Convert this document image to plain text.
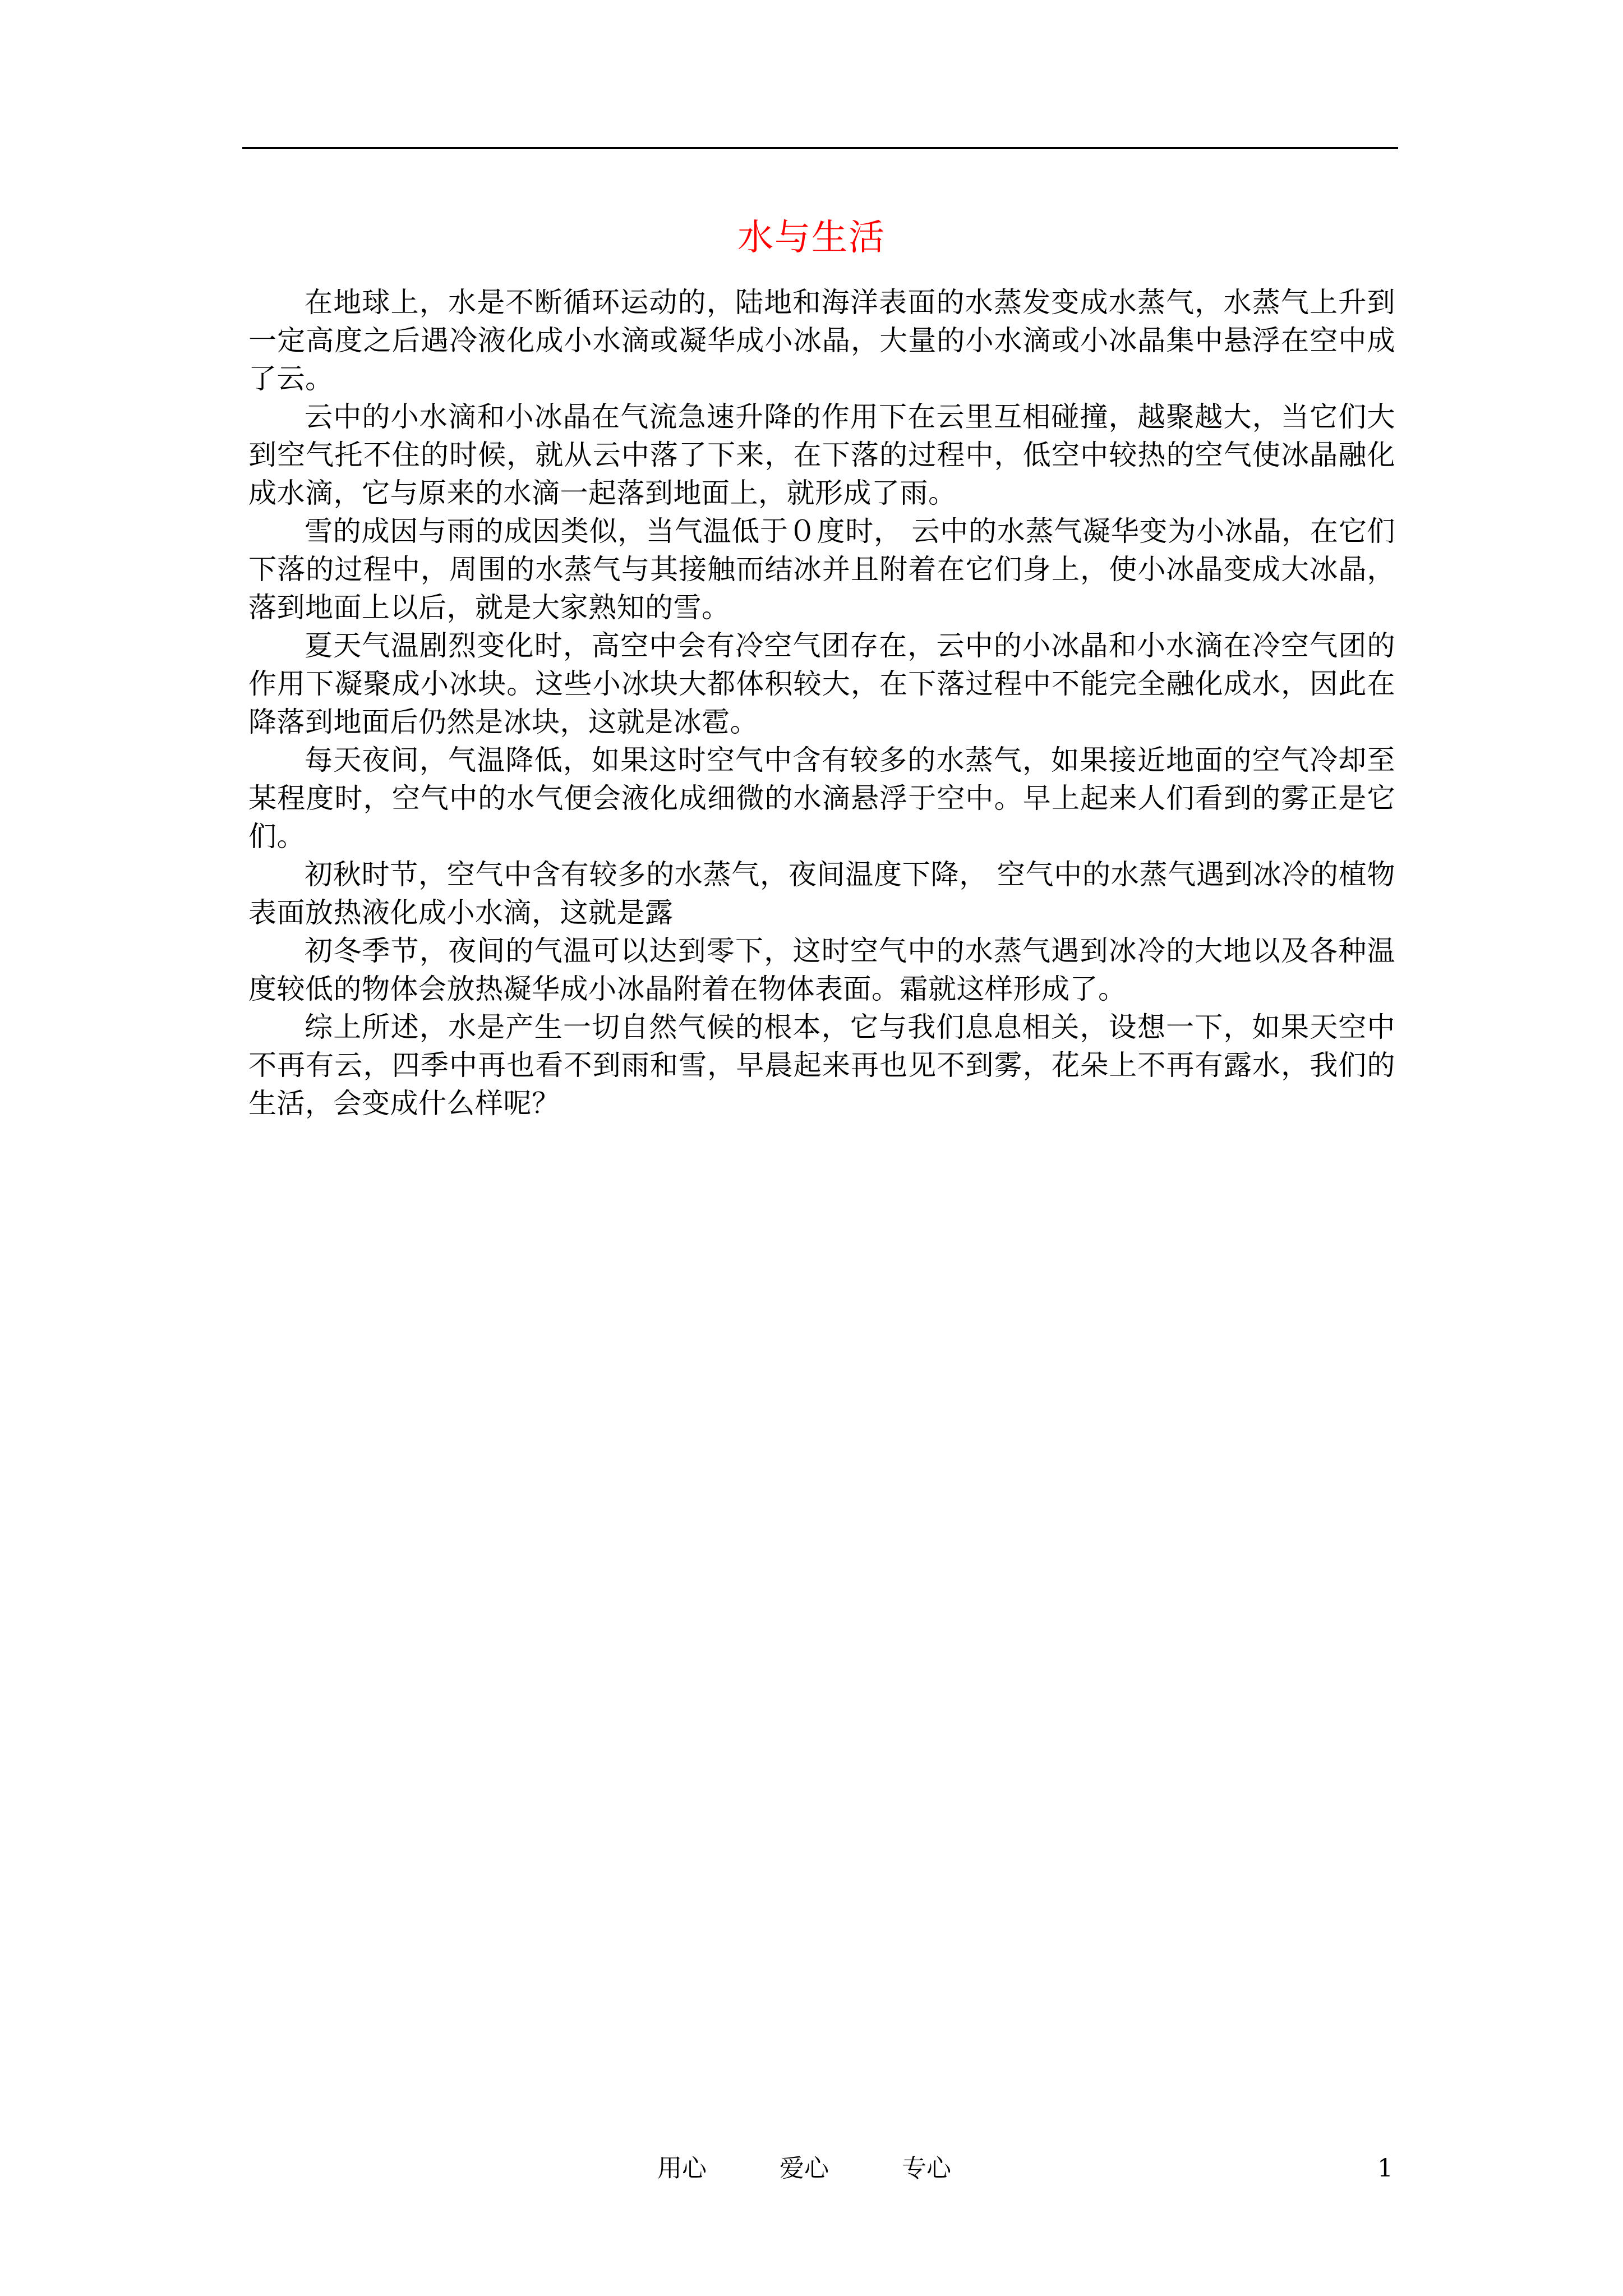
水与生活

在地球上，水是不断循环运动的，陆地和海洋表面的水蒸发变成水蒸气，水蒸气上升到一定高度之后遇冷液化成小水滴或凝华成小冰晶，大量的小水滴或小冰晶集中悬浮在空中成了云。

云中的小水滴和小冰晶在气流急速升降的作用下在云里互相碰撞，越聚越大，当它们大到空气托不住的时候，就从云中落了下来，在下落的过程中，低空中较热的空气使冰晶融化成水滴，它与原来的水滴一起落到地面上，就形成了雨。

雪的成因与雨的成因类似，当气温低于０度时， 云中的水蒸气凝华变为小冰晶，在它们下落的过程中，周围的水蒸气与其接触而结冰并且附着在它们身上，使小冰晶变成大冰晶，落到地面上以后，就是大家熟知的雪。

夏天气温剧烈变化时，高空中会有冷空气团存在，云中的小冰晶和小水滴在冷空气团的作用下凝聚成小冰块。这些小冰块大都体积较大，在下落过程中不能完全融化成水，因此在降落到地面后仍然是冰块，这就是冰雹。

每天夜间，气温降低，如果这时空气中含有较多的水蒸气，如果接近地面的空气冷却至某程度时，空气中的水气便会液化成细微的水滴悬浮于空中。早上起来人们看到的雾正是它们。

初秋时节，空气中含有较多的水蒸气，夜间温度下降， 空气中的水蒸气遇到冰冷的植物表面放热液化成小水滴，这就是露

初冬季节，夜间的气温可以达到零下，这时空气中的水蒸气遇到冰冷的大地以及各种温度较低的物体会放热凝华成小冰晶附着在物体表面。霜就这样形成了。

综上所述，水是产生一切自然气候的根本，它与我们息息相关，设想一下，如果天空中不再有云，四季中再也看不到雨和雪，早晨起来再也见不到雾，花朵上不再有露水，我们的生活，会变成什么样呢？

用心	爱心	专心	1
